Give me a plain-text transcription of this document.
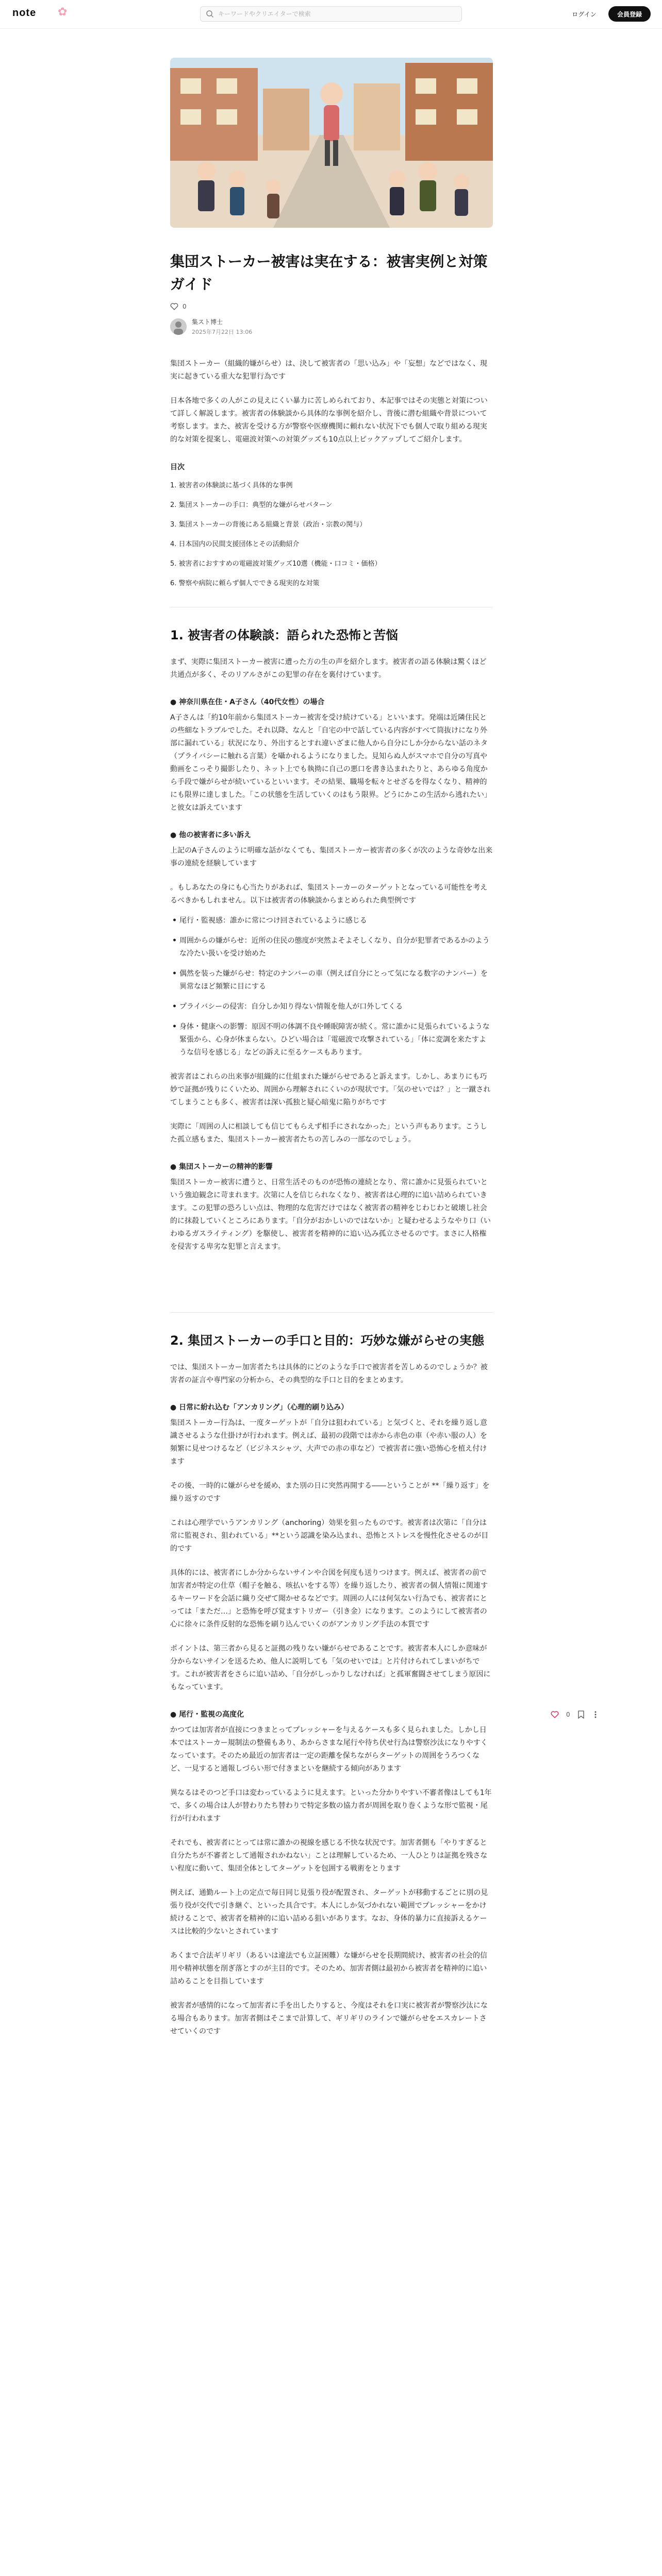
note ✿
キーワードやクリエイターで検索	ログイン	会員登録
集団ストーカー被害は実在する：被害実例と対策ガイド
0
集スト博士
2025年7月22日 13:06

集団ストーカー（組織的嫌がらせ）は、決して被害者の「思い込み」や「妄想」などではなく、現実に起きている重大な犯罪行為です

日本各地で多くの人がこの見えにくい暴力に苦しめられており、本記事ではその実態と対策について詳しく解説します。被害者の体験談から具体的な事例を紹介し、背後に潜む組織や背景について考察します。また、被害を受ける方が警察や医療機関に頼れない状況下でも個人で取り組める現実的な対策を提案し、電磁波対策への対策グッズも10点以上ピックアップしてご紹介します。

目次
1. 被害者の体験談に基づく具体的な事例
2. 集団ストーカーの手口：典型的な嫌がらせパターン
3. 集団ストーカーの背後にある組織と背景（政治・宗教の関与）
4. 日本国内の民間支援団体とその活動紹介
5. 被害者におすすめの電磁波対策グッズ10選（機能・口コミ・価格）
6. 警察や病院に頼らず個人でできる現実的な対策
1. 被害者の体験談：語られた恐怖と苦悩

まず、実際に集団ストーカー被害に遭った方の生の声を紹介します。被害者の語る体験は驚くほど共通点が多く、そのリアルさがこの犯罪の存在を裏付けています。

● 神奈川県在住・A子さん（40代女性）の場合

A子さんは「約10年前から集団ストーカー被害を受け続けている」といいます。発端は近隣住民との些細なトラブルでした。それ以降、なんと「自宅の中で話している内容がすべて筒抜けになり外部に漏れている」状況になり、外出するとすれ違いざまに他人から自分にしか分からない話のネタ（プライバシーに触れる言葉）を囁かれるようになりました。見知らぬ人がスマホで自分の写真や動画をこっそり撮影したり、ネット上でも執拗に自己の悪口を書き込まれたりと、あらゆる角度から手段で嫌がらせが続いているといいます。その結果、職場を転々とせざるを得なくなり、精神的にも限界に達しました。「この状態を生活していくのはもう限界。どうにかこの生活から逃れたい」と彼女は訴えています

● 他の被害者に多い訴え

上記のA子さんのように明確な話がなくても、集団ストーカー被害者の多くが次のような奇妙な出来事の連続を経験しています

。もしあなたの身にも心当たりがあれば、集団ストーカーのターゲットとなっている可能性を考えるべきかもしれません。以下は被害者の体験談からまとめられた典型例です

• 尾行・監視感：誰かに常につけ回されているように感じる
• 周囲からの嫌がらせ：近所の住民の態度が突然よそよそしくなり、自分が犯罪者であるかのような冷たい扱いを受け始めた
• 偶然を装った嫌がらせ：特定のナンバーの車（例えば自分にとって気になる数字のナンバー）を異常なほど頻繁に目にする
• プライバシーの侵害：自分しか知り得ない情報を他人が口外してくる
• 身体・健康への影響：原因不明の体調不良や睡眠障害が続く。常に誰かに見張られているような緊張から、心身が休まらない。ひどい場合は「電磁波で攻撃されている」「体に変調を来たすような信号を感じる」などの訴えに至るケースもあります。

被害者はこれらの出来事が組織的に仕組まれた嫌がらせであると訴えます。しかし、あまりにも巧妙で証拠が残りにくいため、周囲から理解されにくいのが現状です。「気のせいでは？」と一蹴されてしまうことも多く、被害者は深い孤独と疑心暗鬼に陥りがちです

実際に「周囲の人に相談しても信じてもらえず相手にされなかった」という声もあります。こうした孤立感もまた、集団ストーカー被害者たちの苦しみの一部なのでしょう。

● 集団ストーカーの精神的影響

集団ストーカー被害に遭うと、日常生活そのものが恐怖の連続となり、常に誰かに見張られていという強迫観念に苛まれます。次第に人を信じられなくなり、被害者は心理的に追い詰められていきます。この犯罪の恐ろしい点は、物理的な危害だけではなく被害者の精神をじわじわと破壊し社会的に抹殺していくところにあります。「自分がおかしいのではないか」と疑わせるようなやり口（いわゆるガスライティング）を駆使し、被害者を精神的に追い込み孤立させるのです。まさに人格権を侵害する卑劣な犯罪と言えます。

2. 集団ストーカーの手口と目的：巧妙な嫌がらせの実態

では、集団ストーカー加害者たちは具体的にどのような手口で被害者を苦しめるのでしょうか？被害者の証言や専門家の分析から、その典型的な手口と目的をまとめます。

● 日常に紛れ込む「アンカリング」（心理的刷り込み）

集団ストーカー行為は、一度ターゲットが「自分は狙われている」と気づくと、それを繰り返し意識させるような仕掛けが行われます。例えば、最初の段階では赤から赤色の車（や赤い服の人）を頻繁に見せつけるなど（ビジネスシャツ、大声での赤の車など）で被害者に強い恐怖心を植え付けます

その後、一時的に嫌がらせを緩め、また別の日に突然再開する――ということが **「繰り返す」を繰り返すのです

これは心理学でいうアンカリング（anchoring）効果を狙ったものです。被害者は次第に「自分は常に監視され、狙われている」**という認識を染み込まれ、恐怖とストレスを慢性化させるのが目的です

具体的には、被害者にしか分からないサインや合図を何度も送りつけます。例えば、被害者の前で加害者が特定の仕草（帽子を触る、咳払いをする等）を繰り返したり、被害者の個人情報に関連するキーワードを会話に織り交ぜて聞かせるなどです。周囲の人には何気ない行為でも、被害者にとっては「まただ…」と恐怖を呼び覚ますトリガー（引き金）になります。このようにして被害者の心に徐々に条件反射的な恐怖を刷り込んでいくのがアンカリング手法の本質です

ポイントは、第三者から見ると証拠の残りない嫌がらせであることです。被害者本人にしか意味が分からないサインを送るため、他人に説明しても「気のせいでは」と片付けられてしまいがちです。これが被害者をさらに追い詰め、「自分がしっかりしなければ」と孤軍奮闘させてしまう原因にもなっています。

● 尾行・監視の高度化

かつては加害者が直接につきまとってプレッシャーを与えるケースも多く見られました。しかし日本ではストーカー規制法の整備もあり、あからさまな尾行や待ち伏せ行為は警察沙汰になりやすくなっています。そのため最近の加害者は一定の距離を保ちながらターゲットの周囲をうろつくなど、一見すると通報しづらい形で付きまといを継続する傾向があります

異なるはそのつど手口は変わっているように見えます。といった分かりやすい不審者像はしても1年で、多くの場合は人が替わりたち替わりで特定多数の協力者が周囲を取り巻くような形で監視・尾行が行われます

それでも、被害者にとっては常に誰かの視線を感じる不快な状況です。加害者側も「やりすぎると自分たちが不審者として通報されかねない」ことは理解しているため、一人ひとりは証拠を残さない程度に動いて、集団全体としてターゲットを包囲する戦術をとります

例えば、通勤ルート上の定点で毎日同じ見張り役が配置され、ターゲットが移動するごとに別の見張り役が交代で引き継ぐ、といった具合です。本人にしか気づかれない範囲でプレッシャーをかけ続けることで、被害者を精神的に追い詰める狙いがあります。なお、身体的暴力に直接訴えるケースは比較的少ないとされています

あくまで合法ギリギリ（あるいは違法でも立証困難）な嫌がらせを長期間続け、被害者の社会的信用や精神状態を削ぎ落とすのが主目的です。そのため、加害者側は最初から被害者を精神的に追い詰めることを目指しています

被害者が感情的になって加害者に手を出したりすると、今度はそれを口実に被害者が警察沙汰になる場合もあります。加害者側はそこまで計算して、ギリギリのラインで嫌がらせをエスカレートさせていくのです

0
